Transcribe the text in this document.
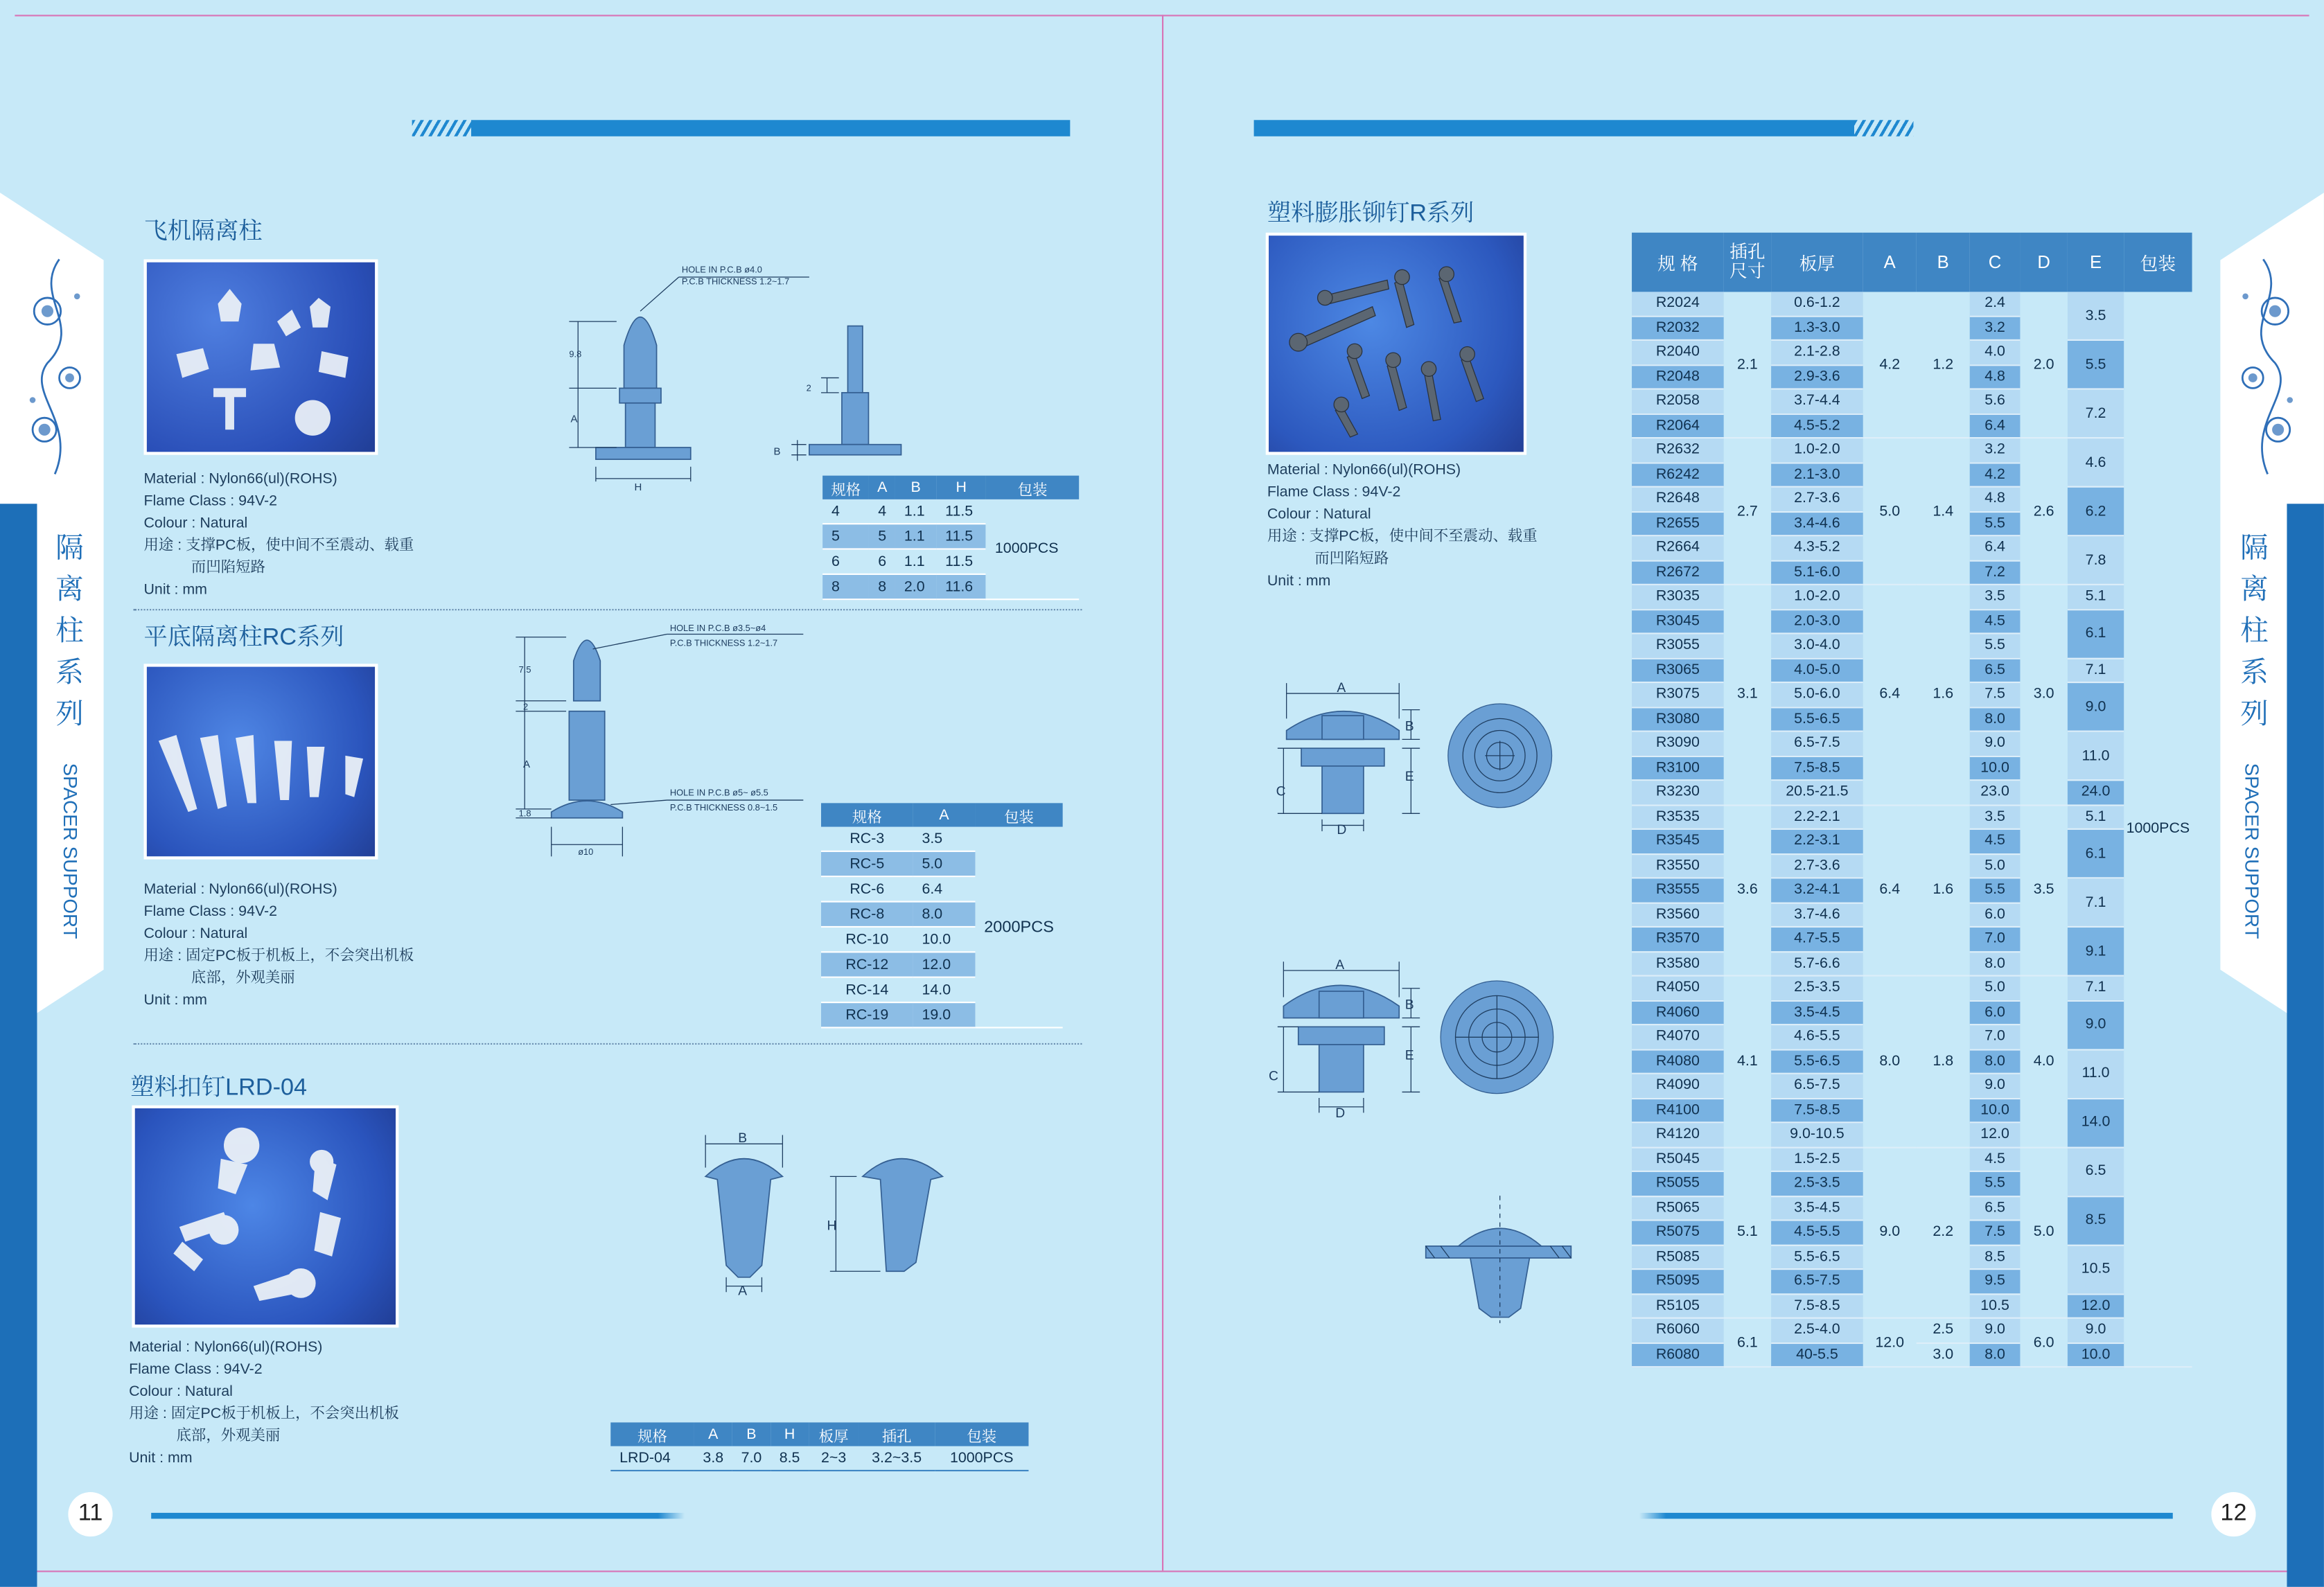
隔
离
柱
系
列
SPACER SUPPORT
隔
离
柱
系
列
SPACER SUPPORT
飞机隔离柱
Material : Nylon66(ul)(ROHS)
Flame Class : 94V-2
Colour : Natural
用途 : 支撑PC板，使中间不至震动、载重
而凹陷短路
Unit : mm
HOLE IN P.C.B ø4.0
P.C.B THICKNESS 1.2~1.7
9.8
A
H
2
B
规格	A	B	H	包装
4	4	1.1	11.5	1000PCS
5	5	1.1	11.5	
6	6	1.1	11.5	
8	8	2.0	11.6	
平底隔离柱RC系列
Material : Nylon66(ul)(ROHS)
Flame Class : 94V-2
Colour : Natural
用途 : 固定PC板于机板上，不会突出机板
底部，外观美丽
Unit : mm
HOLE IN P.C.B ø3.5~ø4
P.C.B THICKNESS 1.2~1.7
HOLE IN P.C.B ø5~ ø5.5
P.C.B THICKNESS 0.8~1.5
7.5
2
A
1.8
ø10
规格	A	包装
RC-3	3.5	2000PCS
RC-5	5.0	
RC-6	6.4	
RC-8	8.0	
RC-10	10.0	
RC-12	12.0	
RC-14	14.0	
RC-19	19.0	
塑料扣钉LRD-04
Material : Nylon66(ul)(ROHS)
Flame Class : 94V-2
Colour : Natural
用途 : 固定PC板于机板上，不会突出机板
底部，外观美丽
Unit : mm
B
H
A
规格	A	B	H	板厚	插孔	包装
LRD-04	3.8	7.0	8.5	2~3	3.2~3.5	1000PCS
11
塑料膨胀铆钉R系列
Material : Nylon66(ul)(ROHS)
Flame Class : 94V-2
Colour : Natural
用途 : 支撑PC板，使中间不至震动、载重
而凹陷短路
Unit : mm
A
B
E
C
D
A
B
E
C
D
规 格	插孔尺寸	板厚	A	B	C	D	E	包装
R2024	2.1	0.6-1.2	4.2	1.2	2.4	2.0	3.5	1000PCS
R2032		1.3-3.0			3.2			
R2040		2.1-2.8			4.0		5.5	
R2048		2.9-3.6			4.8			
R2058		3.7-4.4			5.6		7.2	
R2064		4.5-5.2			6.4			
R2632	2.7	1.0-2.0	5.0	1.4	3.2	2.6	4.6	
R6242		2.1-3.0			4.2			
R2648		2.7-3.6			4.8		6.2	
R2655		3.4-4.6			5.5			
R2664		4.3-5.2			6.4		7.8	
R2672		5.1-6.0			7.2			
R3035	3.1	1.0-2.0	6.4	1.6	3.5	3.0	5.1	
R3045		2.0-3.0			4.5		6.1	
R3055		3.0-4.0			5.5			
R3065		4.0-5.0			6.5		7.1	
R3075		5.0-6.0			7.5		9.0	
R3080		5.5-6.5			8.0			
R3090		6.5-7.5			9.0		11.0	
R3100		7.5-8.5			10.0			
R3230		20.5-21.5			23.0		24.0	
R3535	3.6	2.2-2.1	6.4	1.6	3.5	3.5	5.1	
R3545		2.2-3.1			4.5		6.1	
R3550		2.7-3.6			5.0			
R3555		3.2-4.1			5.5		7.1	
R3560		3.7-4.6			6.0			
R3570		4.7-5.5			7.0		9.1	
R3580		5.7-6.6			8.0			
R4050	4.1	2.5-3.5	8.0	1.8	5.0	4.0	7.1	
R4060		3.5-4.5			6.0		9.0	
R4070		4.6-5.5			7.0			
R4080		5.5-6.5			8.0		11.0	
R4090		6.5-7.5			9.0			
R4100		7.5-8.5			10.0		14.0	
R4120		9.0-10.5			12.0			
R5045	5.1	1.5-2.5	9.0	2.2	4.5	5.0	6.5	
R5055		2.5-3.5			5.5			
R5065		3.5-4.5			6.5		8.5	
R5075		4.5-5.5			7.5			
R5085		5.5-6.5			8.5		10.5	
R5095		6.5-7.5			9.5			
R5105		7.5-8.5			10.5		12.0	
R6060	6.1	2.5-4.0	12.0	2.5	9.0	6.0	9.0	
R6080		40-5.5		3.0	8.0		10.0	
12
